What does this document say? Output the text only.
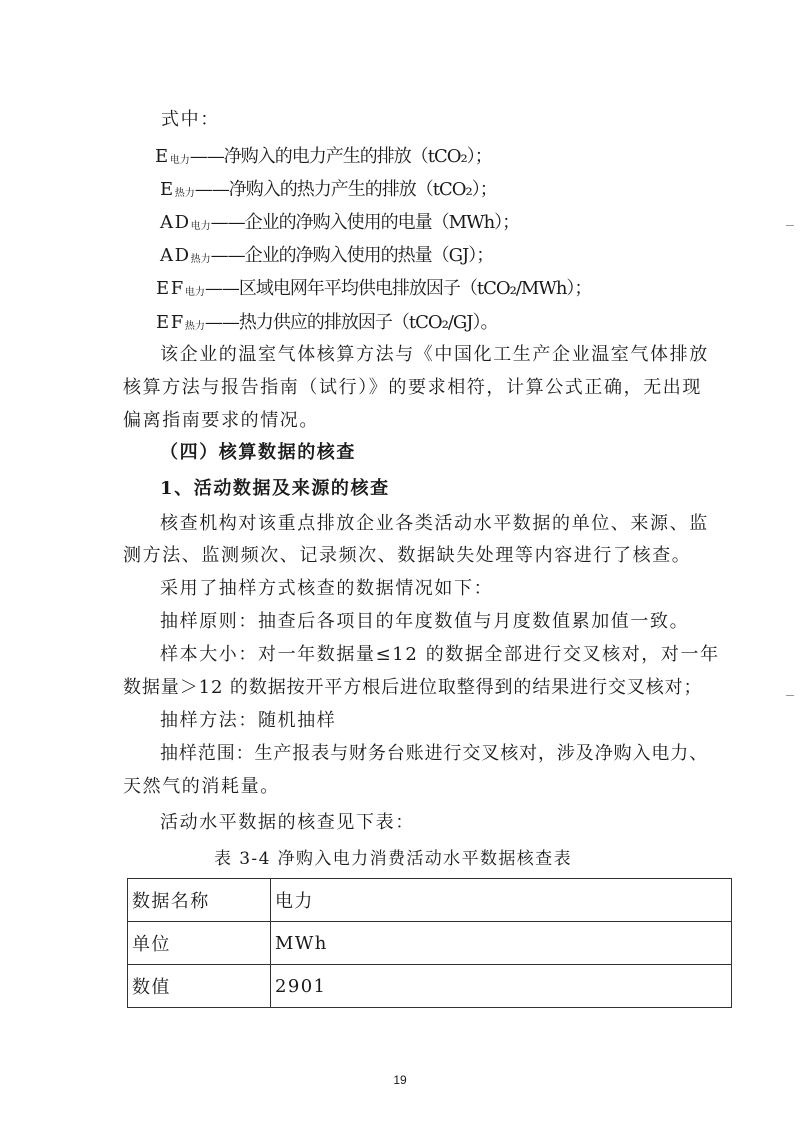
式中：
E电力——净购入的电力产生的排放（tCO₂）；
E热力——净购入的热力产生的排放（tCO₂）；
AD电力——企业的净购入使用的电量（MWh）；
AD热力——企业的净购入使用的热量（GJ）；
EF电力——区域电网年平均供电排放因子（tCO₂/MWh）；
EF热力——热力供应的排放因子（tCO₂/GJ）。
该企业的温室气体核算方法与《中国化工生产企业温室气体排放
核算方法与报告指南（试行）》的要求相符，计算公式正确，无出现
偏离指南要求的情况。
（四）核算数据的核查
1、活动数据及来源的核查
核查机构对该重点排放企业各类活动水平数据的单位、来源、监
测方法、监测频次、记录频次、数据缺失处理等内容进行了核查。
采用了抽样方式核查的数据情况如下：
抽样原则：抽查后各项目的年度数值与月度数值累加值一致。
样本大小：对一年数据量≤12 的数据全部进行交叉核对，对一年
数据量＞12 的数据按开平方根后进位取整得到的结果进行交叉核对；
抽样方法：随机抽样
抽样范围：生产报表与财务台账进行交叉核对，涉及净购入电力、
天然气的消耗量。
活动水平数据的核查见下表：
表 3-4 净购入电力消费活动水平数据核查表
数据名称	电力
单位	MWh
数值	2901
19
